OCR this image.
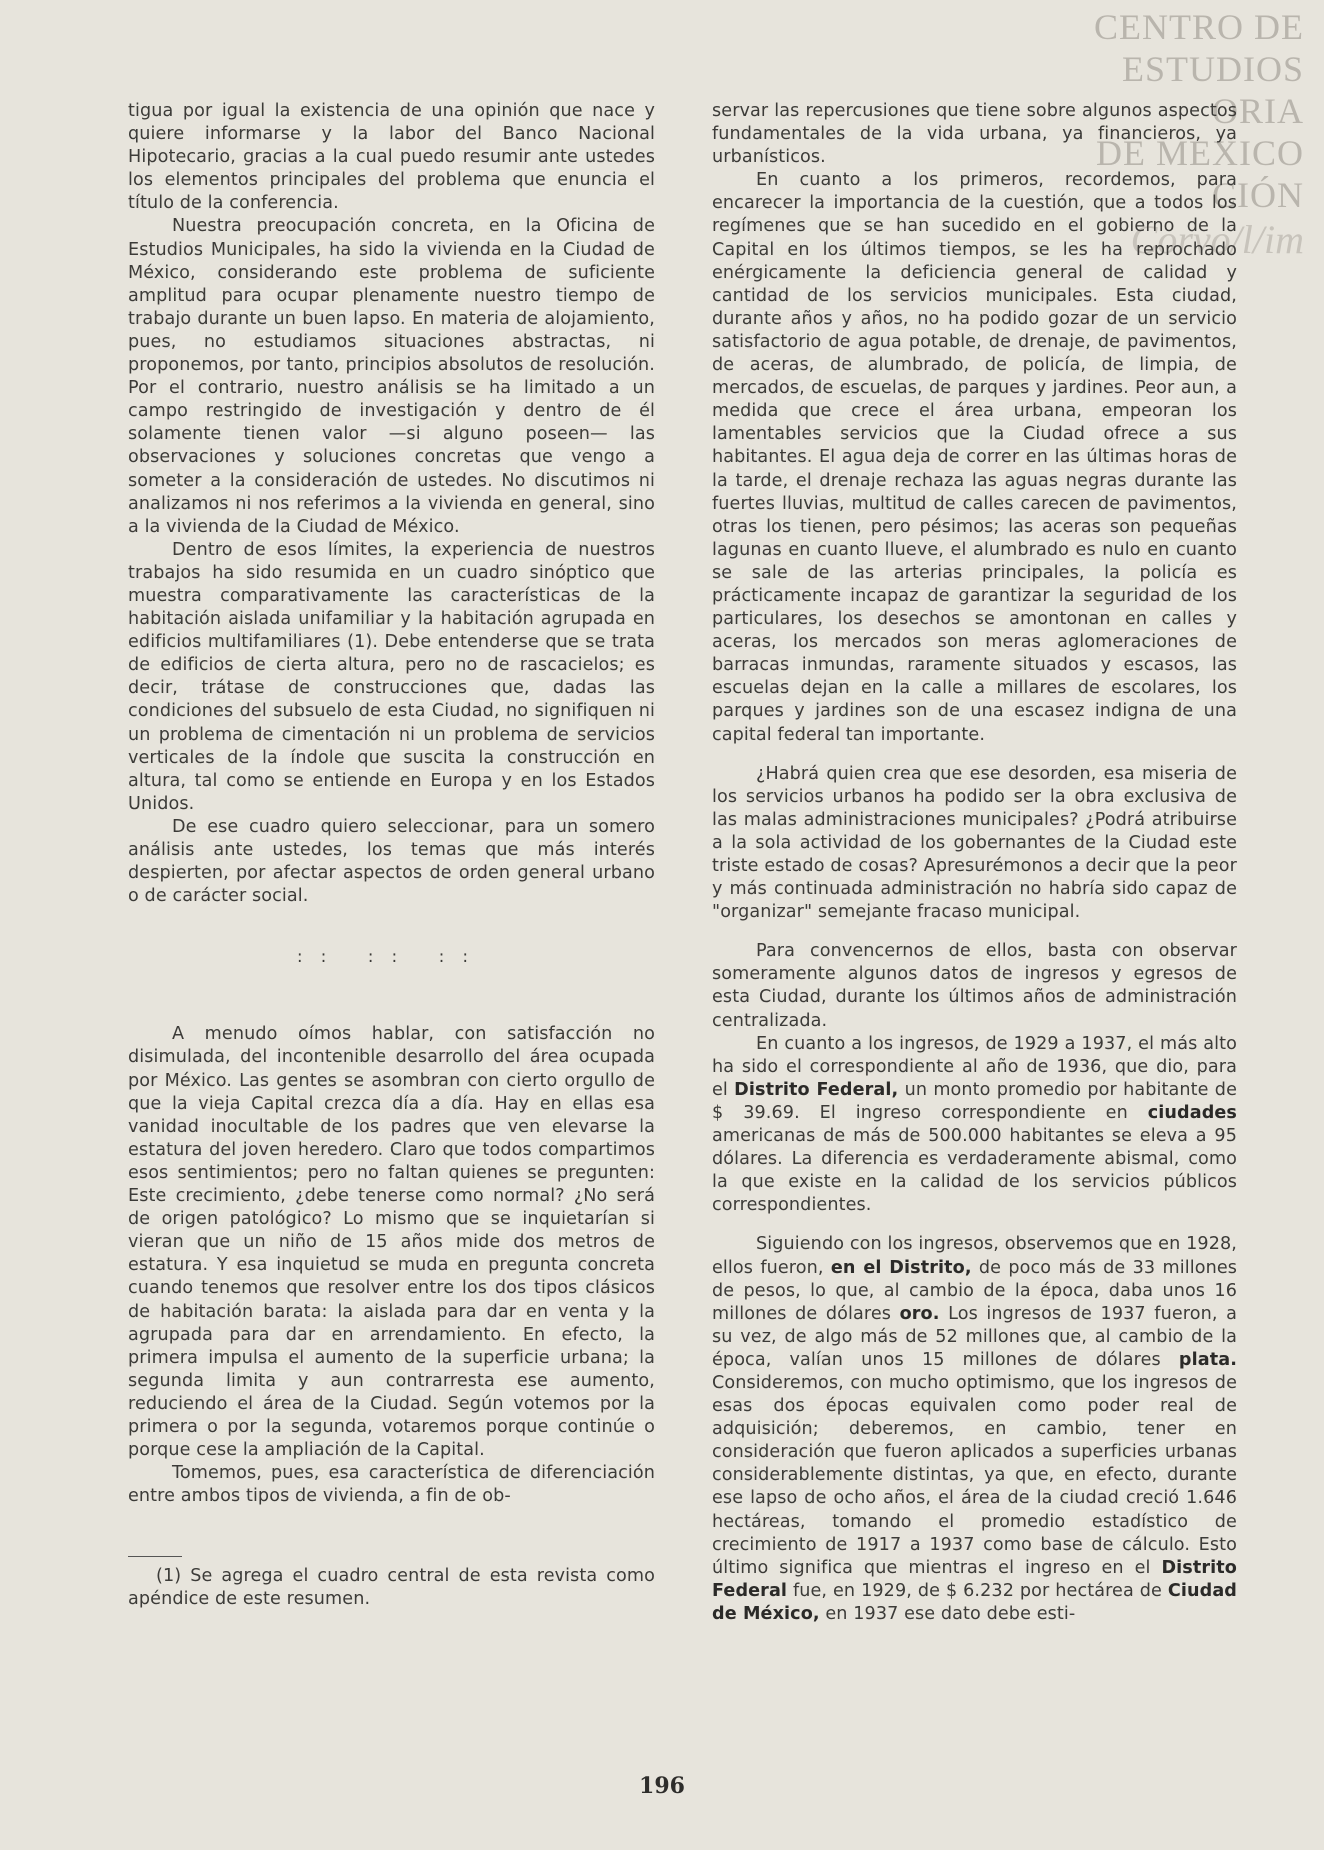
CENTRO DE
ESTUDIOS
ORIA
DE MEXICO
CIÓN
Corvo/l/im

tigua por igual la existencia de una opinión que nace y quiere informarse y la labor del Banco Nacional Hipotecario, gracias a la cual puedo resumir ante ustedes los elementos principales del problema que enuncia el título de la conferencia.

Nuestra preocupación concreta, en la Oficina de Estudios Municipales, ha sido la vivienda en la Ciudad de México, considerando este problema de suficiente amplitud para ocupar plenamente nuestro tiempo de trabajo durante un buen lapso. En materia de alojamiento, pues, no estudiamos situaciones abstractas, ni proponemos, por tanto, principios absolutos de resolución. Por el contrario, nuestro análisis se ha limitado a un campo restringido de investigación y dentro de él solamente tienen valor —si alguno poseen— las observaciones y soluciones concretas que vengo a someter a la consideración de ustedes. No discutimos ni analizamos ni nos referimos a la vivienda en general, sino a la vivienda de la Ciudad de México.

Dentro de esos límites, la experiencia de nuestros trabajos ha sido resumida en un cuadro sinóptico que muestra comparativamente las características de la habitación aislada unifamiliar y la habitación agrupada en edificios multifamiliares (1). Debe entenderse que se trata de edificios de cierta altura, pero no de rascacielos; es decir, trátase de construcciones que, dadas las condiciones del subsuelo de esta Ciudad, no signifiquen ni un problema de cimentación ni un problema de servicios verticales de la índole que suscita la construcción en altura, tal como se entiende en Europa y en los Estados Unidos.

De ese cuadro quiero seleccionar, para un somero análisis ante ustedes, los temas que más interés despierten, por afectar aspectos de orden general urbano o de carácter social.

:: :: ::

A menudo oímos hablar, con satisfacción no disimulada, del incontenible desarrollo del área ocupada por México. Las gentes se asombran con cierto orgullo de que la vieja Capital crezca día a día. Hay en ellas esa vanidad inocultable de los padres que ven elevarse la estatura del joven heredero. Claro que todos compartimos esos sentimientos; pero no faltan quienes se pregunten: Este crecimiento, ¿debe tenerse como normal? ¿No será de origen patológico? Lo mismo que se inquietarían si vieran que un niño de 15 años mide dos metros de estatura. Y esa inquietud se muda en pregunta concreta cuando tenemos que resolver entre los dos tipos clásicos de habitación barata: la aislada para dar en venta y la agrupada para dar en arrendamiento. En efecto, la primera impulsa el aumento de la superficie urbana; la segunda limita y aun contrarresta ese aumento, reduciendo el área de la Ciudad. Según votemos por la primera o por la segunda, votaremos porque continúe o porque cese la ampliación de la Capital.

Tomemos, pues, esa característica de diferenciación entre ambos tipos de vivienda, a fin de ob-

(1) Se agrega el cuadro central de esta revista como apéndice de este resumen.

servar las repercusiones que tiene sobre algunos aspectos fundamentales de la vida urbana, ya financieros, ya urbanísticos.

En cuanto a los primeros, recordemos, para encarecer la importancia de la cuestión, que a todos los regímenes que se han sucedido en el gobierno de la Capital en los últimos tiempos, se les ha reprochado enérgicamente la deficiencia general de calidad y cantidad de los servicios municipales. Esta ciudad, durante años y años, no ha podido gozar de un servicio satisfactorio de agua potable, de drenaje, de pavimentos, de aceras, de alumbrado, de policía, de limpia, de mercados, de escuelas, de parques y jardines. Peor aun, a medida que crece el área urbana, empeoran los lamentables servicios que la Ciudad ofrece a sus habitantes. El agua deja de correr en las últimas horas de la tarde, el drenaje rechaza las aguas negras durante las fuertes lluvias, multitud de calles carecen de pavimentos, otras los tienen, pero pésimos; las aceras son pequeñas lagunas en cuanto llueve, el alumbrado es nulo en cuanto se sale de las arterias principales, la policía es prácticamente incapaz de garantizar la seguridad de los particulares, los desechos se amontonan en calles y aceras, los mercados son meras aglomeraciones de barracas inmundas, raramente situados y escasos, las escuelas dejan en la calle a millares de escolares, los parques y jardines son de una escasez indigna de una capital federal tan importante.

¿Habrá quien crea que ese desorden, esa miseria de los servicios urbanos ha podido ser la obra exclusiva de las malas administraciones municipales? ¿Podrá atribuirse a la sola actividad de los gobernantes de la Ciudad este triste estado de cosas? Apresurémonos a decir que la peor y más continuada administración no habría sido capaz de "organizar" semejante fracaso municipal.

Para convencernos de ellos, basta con observar someramente algunos datos de ingresos y egresos de esta Ciudad, durante los últimos años de administración centralizada.

En cuanto a los ingresos, de 1929 a 1937, el más alto ha sido el correspondiente al año de 1936, que dio, para el Distrito Federal, un monto promedio por habitante de $ 39.69. El ingreso correspondiente en ciudades americanas de más de 500.000 habitantes se eleva a 95 dólares. La diferencia es verdaderamente abismal, como la que existe en la calidad de los servicios públicos correspondientes.

Siguiendo con los ingresos, observemos que en 1928, ellos fueron, en el Distrito, de poco más de 33 millones de pesos, lo que, al cambio de la época, daba unos 16 millones de dólares oro. Los ingresos de 1937 fueron, a su vez, de algo más de 52 millones que, al cambio de la época, valían unos 15 millones de dólares plata. Consideremos, con mucho optimismo, que los ingresos de esas dos épocas equivalen como poder real de adquisición; deberemos, en cambio, tener en consideración que fueron aplicados a superficies urbanas considerablemente distintas, ya que, en efecto, durante ese lapso de ocho años, el área de la ciudad creció 1.646 hectáreas, tomando el promedio estadístico de crecimiento de 1917 a 1937 como base de cálculo. Esto último significa que mientras el ingreso en el Distrito Federal fue, en 1929, de $ 6.232 por hectárea de Ciudad de México, en 1937 ese dato debe esti-

196
